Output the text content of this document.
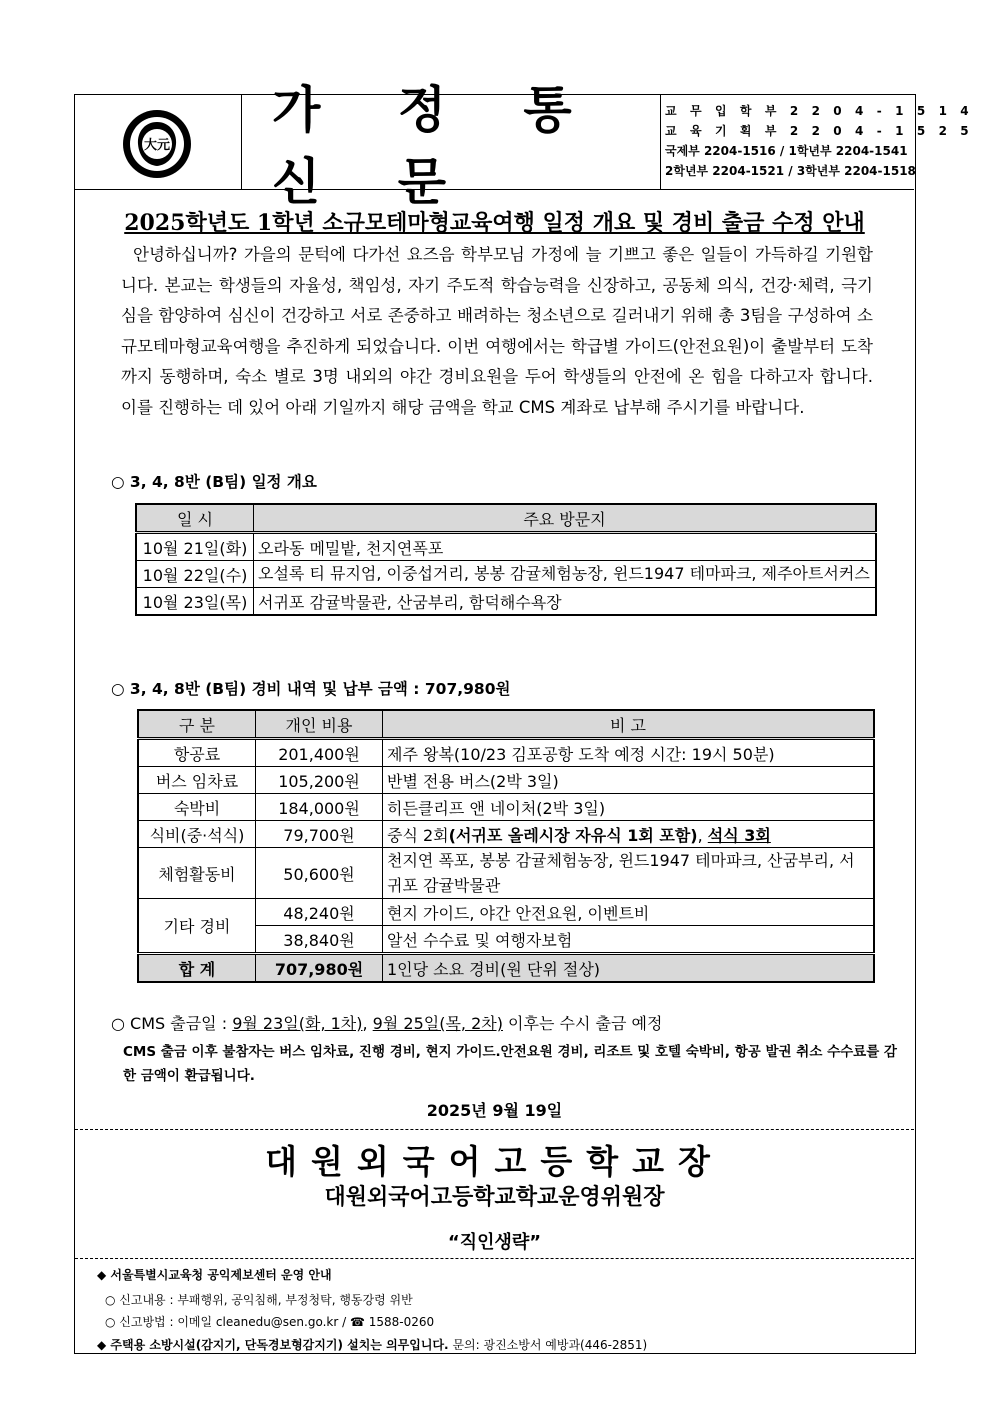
大元
가 정 통 신 문
교 무 입 학 부 2 2 0 4 - 1 5 1 4
교 육 기 획 부 2 2 0 4 - 1 5 2 5
국제부 2204-1516 / 1학년부 2204-1541
2학년부 2204-1521 / 3학년부 2204-1518
2025학년도 1학년 소규모테마형교육여행 일정 개요 및 경비 출금 수정 안내
안녕하십니까? 가을의 문턱에 다가선 요즈음 학부모님 가정에 늘 기쁘고 좋은 일들이 가득하길 기원합니다. 본교는 학생들의 자율성, 책임성, 자기 주도적 학습능력을 신장하고, 공동체 의식, 건강·체력, 극기심을 함양하여 심신이 건강하고 서로 존중하고 배려하는 청소년으로 길러내기 위해 총 3팀을 구성하여 소규모테마형교육여행을 추진하게 되었습니다. 이번 여행에서는 학급별 가이드(안전요원)이 출발부터 도착까지 동행하며, 숙소 별로 3명 내외의 야간 경비요원을 두어 학생들의 안전에 온 힘을 다하고자 합니다. 이를 진행하는 데 있어 아래 기일까지 해당 금액을 학교 CMS 계좌로 납부해 주시기를 바랍니다.
○ 3, 4, 8반 (B팀) 일정 개요
일 시	주요 방문지
10월 21일(화)	오라동 메밀밭, 천지연폭포
10월 22일(수)	오설록 티 뮤지엄, 이중섭거리, 봉봉 감귤체험농장, 윈드1947 테마파크, 제주아트서커스
10월 23일(목)	서귀포 감귤박물관, 산굼부리, 함덕해수욕장
○ 3, 4, 8반 (B팀) 경비 내역 및 납부 금액 : 707,980원
구 분	개인 비용	비 고
항공료	201,400원	제주 왕복(10/23 김포공항 도착 예정 시간: 19시 50분)
버스 임차료	105,200원	반별 전용 버스(2박 3일)
숙박비	184,000원	히든클리프 앤 네이처(2박 3일)
식비(중·석식)	79,700원	중식 2회(서귀포 올레시장 자유식 1회 포함), 석식 3회
체험활동비	50,600원	천지연 폭포, 봉봉 감귤체험농장, 윈드1947 테마파크, 산굼부리, 서귀포 감귤박물관
기타 경비	48,240원	현지 가이드, 야간 안전요원, 이벤트비
	38,840원	알선 수수료 및 여행자보험
합 계	707,980원	1인당 소요 경비(원 단위 절상)
○ CMS 출금일 : 9월 23일(화, 1차), 9월 25일(목, 2차) 이후는 수시 출금 예정
CMS 출금 이후 불참자는 버스 임차료, 진행 경비, 현지 가이드.안전요원 경비, 리조트 및 호텔 숙박비, 항공 발권 취소 수수료를 감한 금액이 환급됩니다.
2025년 9월 19일
대원외국어고등학교장
대원외국어고등학교학교운영위원장
“직인생략”
◆ 서울특별시교육청 공익제보센터 운영 안내
○ 신고내용 : 부패행위, 공익침해, 부정청탁, 행동강령 위반
○ 신고방법 : 이메일 cleanedu@sen.go.kr / ☎ 1588-0260
◆ 주택용 소방시설(감지기, 단독경보형감지기) 설치는 의무입니다. 문의: 광진소방서 예방과(446-2851)
